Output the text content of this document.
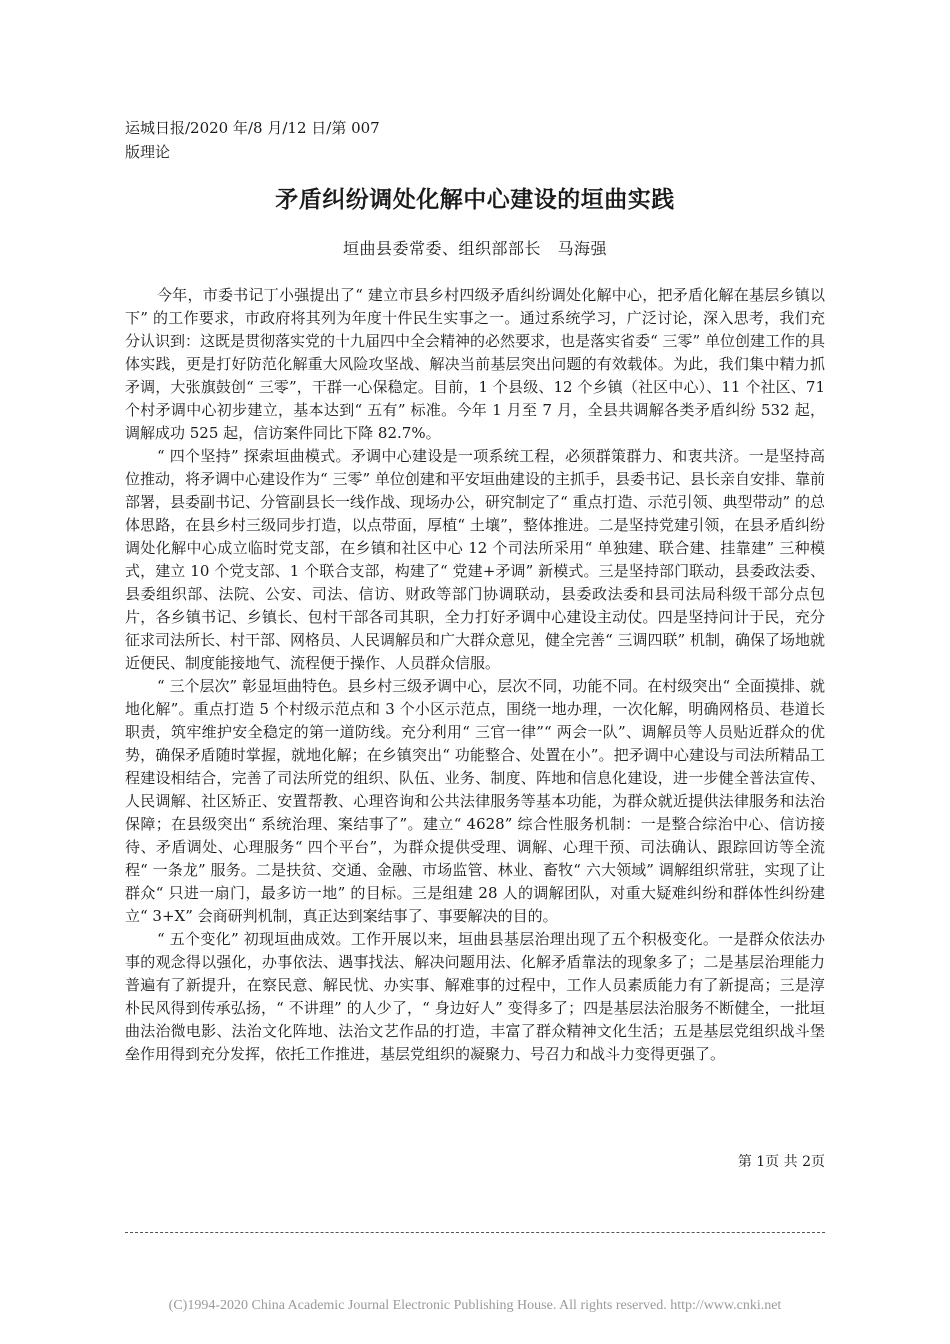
运城日报/2020 年/8 月/12 日/第 007
版理论
矛盾纠纷调处化解中心建设的垣曲实践
垣曲县委常委、组织部部长　马海强

今年，市委书记丁小强提出了“ 建立市县乡村四级矛盾纠纷调处化解中心，把矛盾化解在基层乡镇以下” 的工作要求，市政府将其列为年度十件民生实事之一。通过系统学习，广泛讨论，深入思考，我们充分认识到：这既是贯彻落实党的十九届四中全会精神的必然要求，也是落实省委“ 三零” 单位创建工作的具体实践，更是打好防范化解重大风险攻坚战、解决当前基层突出问题的有效载体。为此，我们集中精力抓矛调，大张旗鼓创“ 三零”，干群一心保稳定。目前，1 个县级、12 个乡镇（社区中心）、11 个社区、71 个村矛调中心初步建立，基本达到“ 五有” 标准。今年 1 月至 7 月，全县共调解各类矛盾纠纷 532 起，调解成功 525 起，信访案件同比下降 82.7%。

“ 四个坚持” 探索垣曲模式。矛调中心建设是一项系统工程，必须群策群力、和衷共济。一是坚持高位推动，将矛调中心建设作为“ 三零” 单位创建和平安垣曲建设的主抓手，县委书记、县长亲自安排、靠前部署，县委副书记、分管副县长一线作战、现场办公，研究制定了“ 重点打造、示范引领、典型带动” 的总体思路，在县乡村三级同步打造，以点带面，厚植“ 土壤”，整体推进。二是坚持党建引领，在县矛盾纠纷调处化解中心成立临时党支部，在乡镇和社区中心 12 个司法所采用“ 单独建、联合建、挂靠建” 三种模式，建立 10 个党支部、1 个联合支部，构建了“ 党建+矛调” 新模式。三是坚持部门联动，县委政法委、县委组织部、法院、公安、司法、信访、财政等部门协调联动，县委政法委和县司法局科级干部分点包片，各乡镇书记、乡镇长、包村干部各司其职，全力打好矛调中心建设主动仗。四是坚持问计于民，充分征求司法所长、村干部、网格员、人民调解员和广大群众意见，健全完善“ 三调四联” 机制，确保了场地就近便民、制度能接地气、流程便于操作、人员群众信服。

“ 三个层次” 彰显垣曲特色。县乡村三级矛调中心，层次不同，功能不同。在村级突出“ 全面摸排、就地化解”。重点打造 5 个村级示范点和 3 个小区示范点，围绕一地办理，一次化解，明确网格员、巷道长职责，筑牢维护安全稳定的第一道防线。充分利用“ 三官一律”“ 两会一队”、调解员等人员贴近群众的优势，确保矛盾随时掌握，就地化解；在乡镇突出“ 功能整合、处置在小”。把矛调中心建设与司法所精品工程建设相结合，完善了司法所党的组织、队伍、业务、制度、阵地和信息化建设，进一步健全普法宣传、人民调解、社区矫正、安置帮教、心理咨询和公共法律服务等基本功能，为群众就近提供法律服务和法治保障；在县级突出“ 系统治理、案结事了”。建立“ 4628” 综合性服务机制：一是整合综治中心、信访接待、矛盾调处、心理服务“ 四个平台”，为群众提供受理、调解、心理干预、司法确认、跟踪回访等全流程“ 一条龙” 服务。二是扶贫、交通、金融、市场监管、林业、畜牧“ 六大领域” 调解组织常驻，实现了让群众“ 只进一扇门，最多访一地” 的目标。三是组建 28 人的调解团队，对重大疑难纠纷和群体性纠纷建立“ 3+X” 会商研判机制，真正达到案结事了、事要解决的目的。

“ 五个变化” 初现垣曲成效。工作开展以来，垣曲县基层治理出现了五个积极变化。一是群众依法办事的观念得以强化，办事依法、遇事找法、解决问题用法、化解矛盾靠法的现象多了；二是基层治理能力普遍有了新提升，在察民意、解民忧、办实事、解难事的过程中，工作人员素质能力有了新提高；三是淳朴民风得到传承弘扬，“ 不讲理” 的人少了，“ 身边好人” 变得多了；四是基层法治服务不断健全，一批垣曲法治微电影、法治文化阵地、法治文艺作品的打造，丰富了群众精神文化生活；五是基层党组织战斗堡垒作用得到充分发挥，依托工作推进，基层党组织的凝聚力、号召力和战斗力变得更强了。

第 1页 共 2页
(C)1994-2020 China Academic Journal Electronic Publishing House. All rights reserved. http://www.cnki.net
